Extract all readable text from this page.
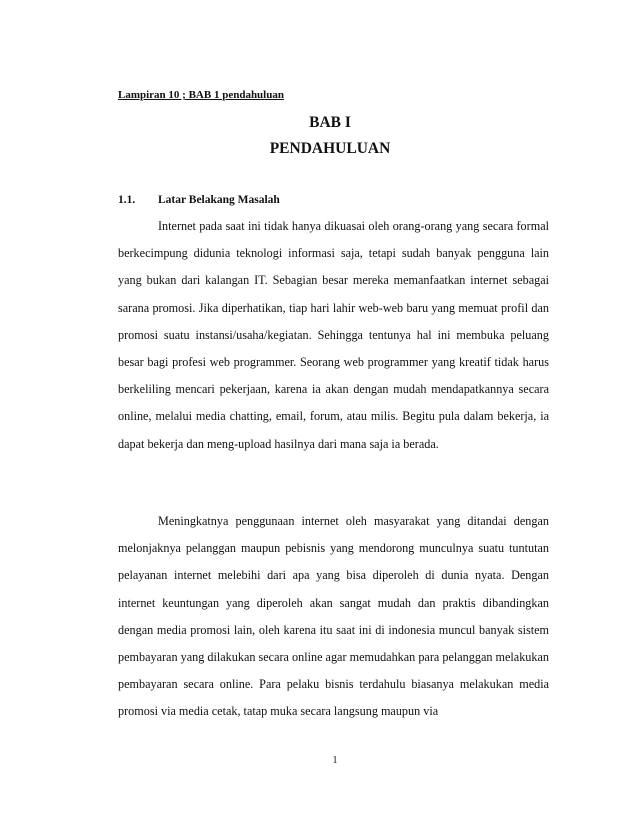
Lampiran 10 ; BAB 1 pendahuluan
BAB I
PENDAHULUAN
1.1. Latar Belakang Masalah

Internet pada saat ini tidak hanya dikuasai oleh orang-orang yang secara formal berkecimpung didunia teknologi informasi saja, tetapi sudah banyak pengguna lain yang bukan dari kalangan IT. Sebagian besar mereka memanfaatkan internet sebagai sarana promosi. Jika diperhatikan, tiap hari lahir web-web baru yang memuat profil dan promosi suatu instansi/usaha/kegiatan. Sehingga tentunya hal ini membuka peluang besar bagi profesi web programmer. Seorang web programmer yang kreatif tidak harus berkeliling mencari pekerjaan, karena ia akan dengan mudah mendapatkannya secara online, melalui media chatting, email, forum, atau milis. Begitu pula dalam bekerja, ia dapat bekerja dan meng-upload hasilnya dari mana saja ia berada.

Meningkatnya penggunaan internet oleh masyarakat yang ditandai dengan melonjaknya pelanggan maupun pebisnis yang mendorong munculnya suatu tuntutan pelayanan internet melebihi dari apa yang bisa diperoleh di dunia nyata. Dengan internet keuntungan yang diperoleh akan sangat mudah dan praktis dibandingkan dengan media promosi lain, oleh karena itu saat ini di indonesia muncul banyak sistem pembayaran yang dilakukan secara online agar memudahkan para pelanggan melakukan pembayaran secara online. Para pelaku bisnis terdahulu biasanya melakukan media promosi via media cetak, tatap muka secara langsung maupun via

1
